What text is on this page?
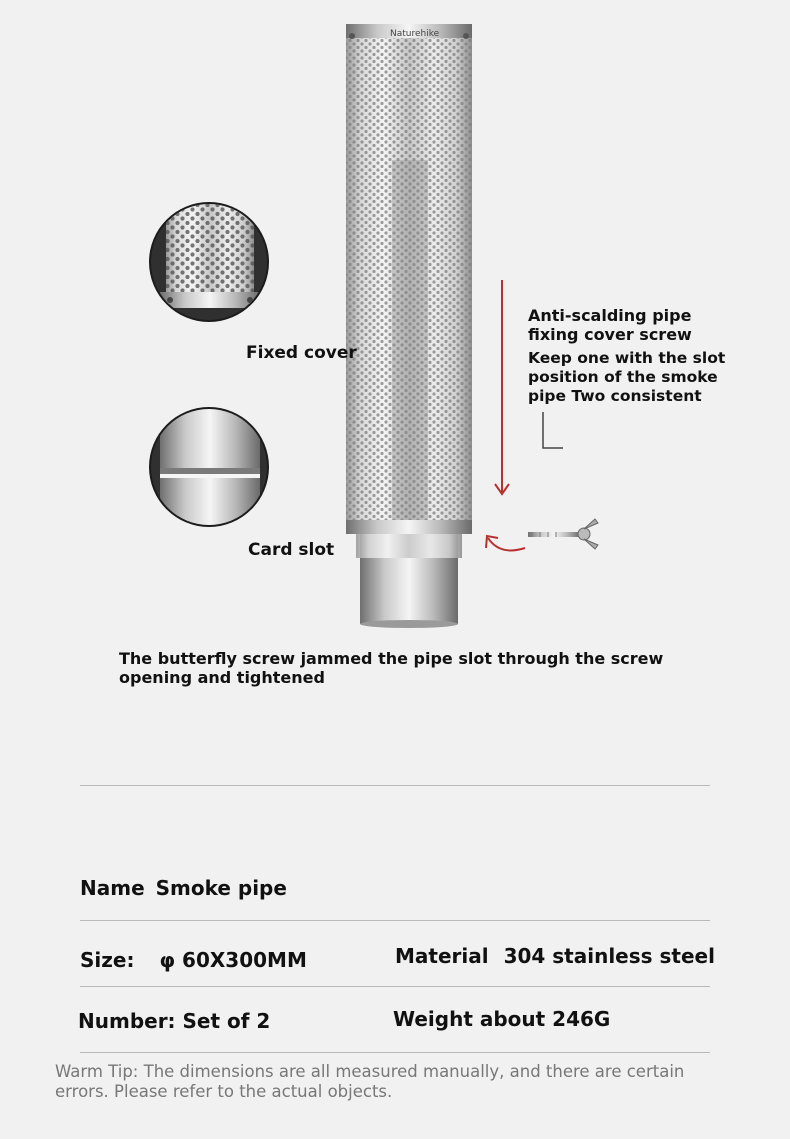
Naturehike
Fixed cover
Card slot
Anti-scalding pipe
fixing cover screw
Keep one with the slot
position of the smoke
pipe Two consistent
The butterfly screw jammed the pipe slot through the screw
opening and tightened
Name Smoke pipe
Size: φ 60X300MM	Material 304 stainless steel
Number: Set of 2	Weight about 246G
Warm Tip: The dimensions are all measured manually, and there are certain
errors. Please refer to the actual objects.
